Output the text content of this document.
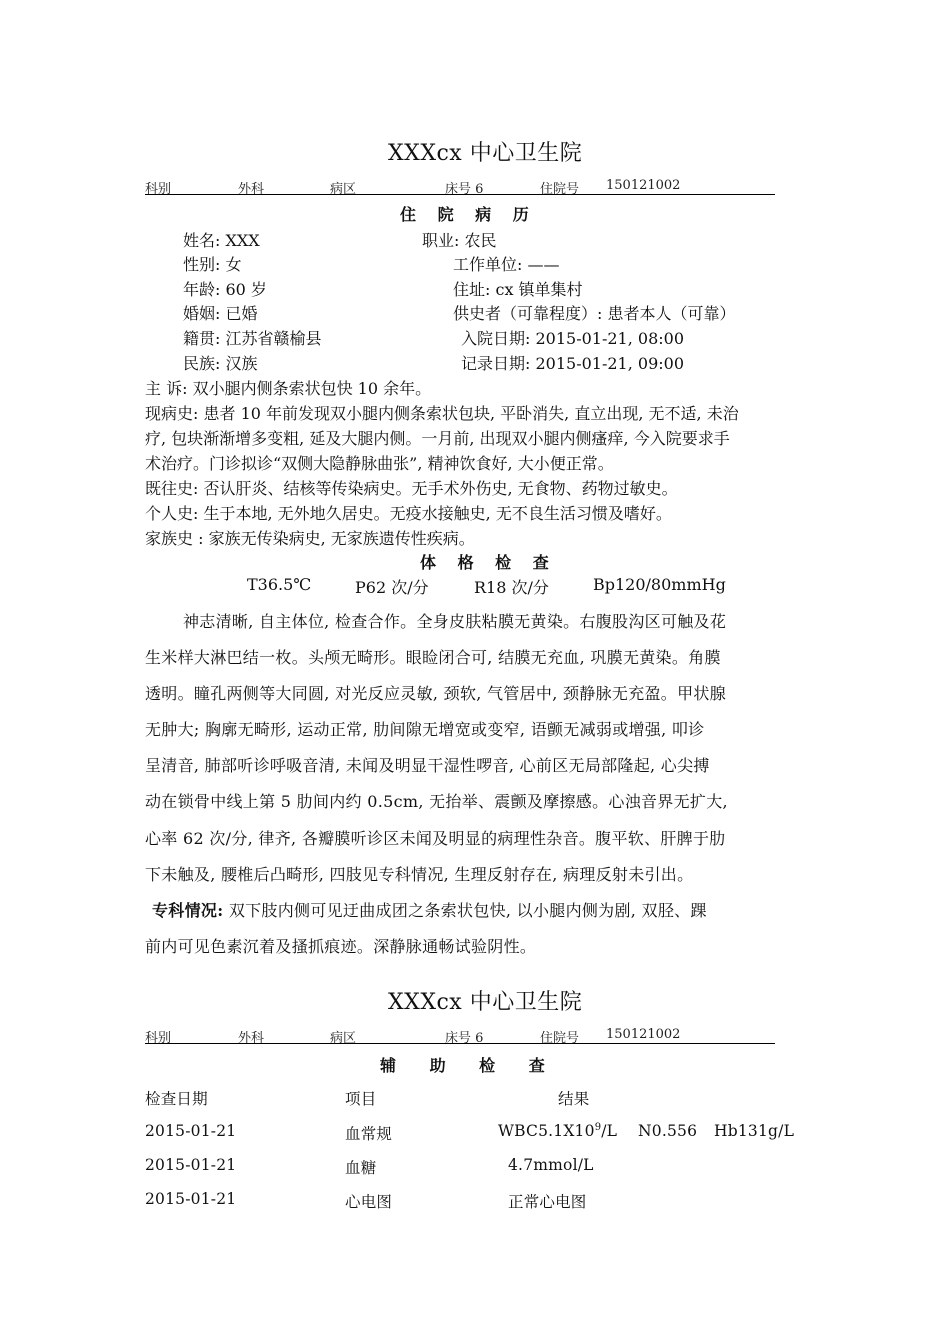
XXXcx 中心卫生院
科别	外科	病区	床号 6	住院号 150121002
住 院 病 历
姓名: XXX	职业: 农民
性别: 女	工作单位: ——
年龄: 60 岁	住址: cx 镇单集村
婚姻: 已婚	供史者（可靠程度）: 患者本人（可靠）
籍贯: 江苏省赣榆县	入院日期: 2015-01-21, 08:00
民族: 汉族	记录日期: 2015-01-21, 09:00
主 诉: 双小腿内侧条索状包快 10 余年。
现病史: 患者 10 年前发现双小腿内侧条索状包块, 平卧消失, 直立出现, 无不适, 未治
疗, 包块渐渐增多变粗, 延及大腿内侧。一月前, 出现双小腿内侧瘙痒, 今入院要求手
术治疗。门诊拟诊“双侧大隐静脉曲张”, 精神饮食好, 大小便正常。
既往史: 否认肝炎、结核等传染病史。无手术外伤史, 无食物、药物过敏史。
个人史: 生于本地, 无外地久居史。无疫水接触史, 无不良生活习惯及嗜好。
家族史 : 家族无传染病史, 无家族遗传性疾病。
体 格 检 查
T36.5℃	P62 次/分	R18 次/分	Bp120/80mmHg
神志清晰, 自主体位, 检查合作。全身皮肤粘膜无黄染。右腹股沟区可触及花
生米样大淋巴结一枚。头颅无畸形。眼睑闭合可, 结膜无充血, 巩膜无黄染。角膜
透明。瞳孔两侧等大同圆, 对光反应灵敏, 颈软, 气管居中, 颈静脉无充盈。甲状腺
无肿大; 胸廓无畸形, 运动正常, 肋间隙无增宽或变窄, 语颤无减弱或增强, 叩诊
呈清音, 肺部听诊呼吸音清, 未闻及明显干湿性啰音, 心前区无局部隆起, 心尖搏
动在锁骨中线上第 5 肋间内约 0.5cm, 无抬举、震颤及摩擦感。心浊音界无扩大,
心率 62 次/分, 律齐, 各瓣膜听诊区未闻及明显的病理性杂音。腹平软、肝脾于肋
下未触及, 腰椎后凸畸形, 四肢见专科情况, 生理反射存在, 病理反射未引出。
专科情况: 双下肢内侧可见迂曲成团之条索状包快, 以小腿内侧为剧, 双胫、踝
前内可见色素沉着及搔抓痕迹。深静脉通畅试验阴性。
XXXcx 中心卫生院
科别	外科	病区	床号 6	住院号 150121002
辅 助 检 查
检查日期	项目	结果
2015-01-21	血常规	$WBC5.1X10^9/L$ N0.556 Hb131g/L
2015-01-21	血糖	4.7mmol/L
2015-01-21	心电图	正常心电图
